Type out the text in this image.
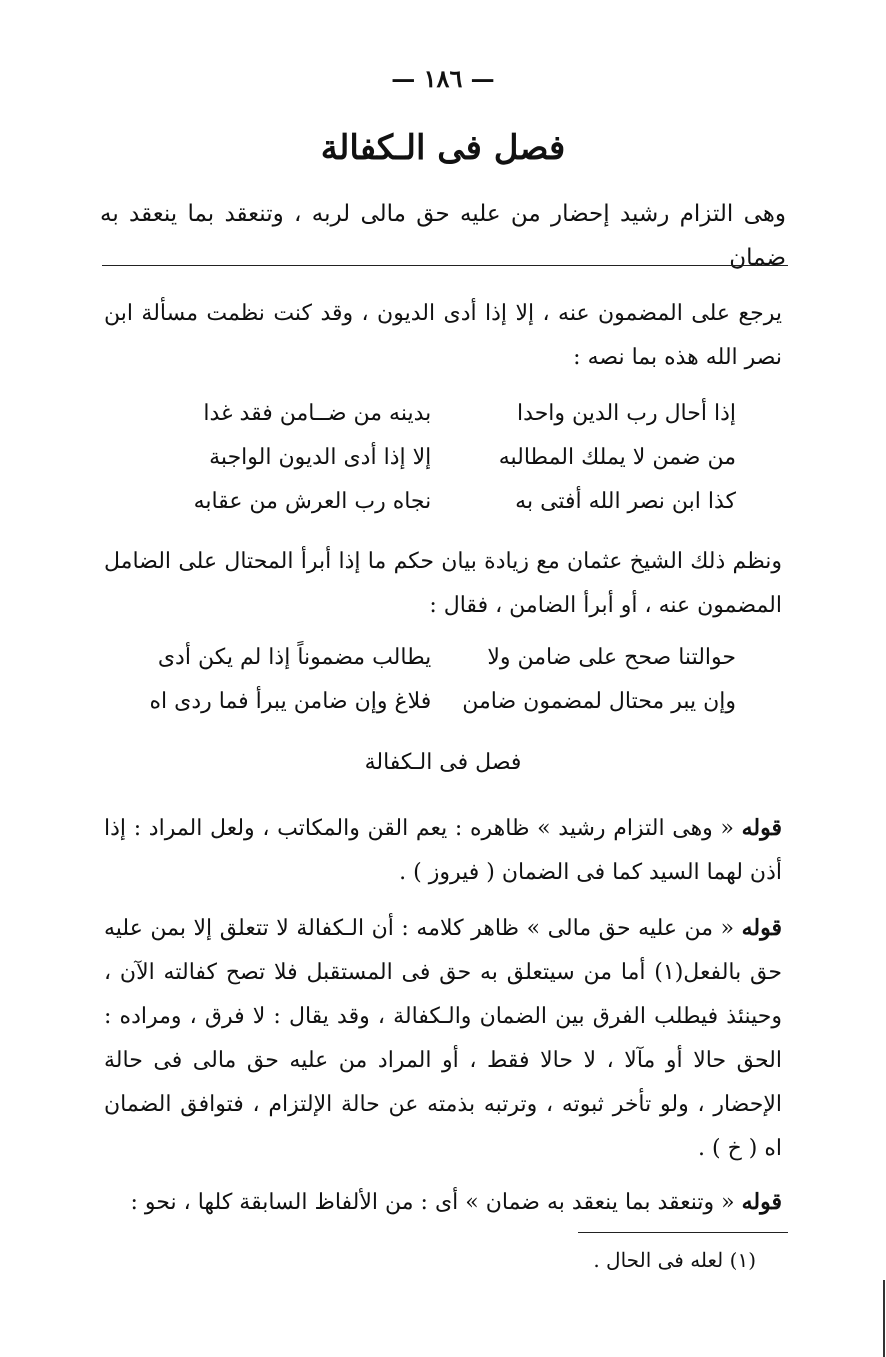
— ١٨٦ —
فصل فى الـكفالة
وهى التزام رشيد إحضار من عليه حق مالى لربه ، وتنعقد بما ينعقد به ضمان
يرجع على المضمون عنه ، إلا إذا أدى الديون ، وقد كنت نظمت مسألة ابن نصر الله هذه بما نصه :
إذا أحال رب الدين واحدا
بدينه من ضــامن فقد غدا
من ضمن لا يملك المطالبه
إلا إذا أدى الديون الواجبة
كذا ابن نصر الله أفتى به
نجاه رب العرش من عقابه
ونظم ذلك الشيخ عثمان مع زيادة بيان حكم ما إذا أبرأ المحتال على الضامل المضمون عنه ، أو أبرأ الضامن ، فقال :
حوالتنا صحح على ضامن ولا
يطالب مضموناً إذا لم يكن أدى
وإن يبر محتال لمضمون ضامن
فلاغ وإن ضامن يبرأ فما ردى اه
فصل فى الـكفالة
قوله « وهى التزام رشيد » ظاهره : يعم القن والمكاتب ، ولعل المراد : إذا أذن لهما السيد كما فى الضمان ( فيروز ) .
قوله « من عليه حق مالى » ظاهر كلامه : أن الـكفالة لا تتعلق إلا بمن عليه حق بالفعل(١) أما من سيتعلق به حق فى المستقبل فلا تصح كفالته الآن ، وحينئذ فيطلب الفرق بين الضمان والـكفالة ، وقد يقال : لا فرق ، ومراده : الحق حالا أو مآلا ، لا حالا فقط ، أو المراد من عليه حق مالى فى حالة الإحضار ، ولو تأخر ثبوته ، وترتبه بذمته عن حالة الإلتزام ، فتوافق الضمان اه ( خ ) .
قوله « وتنعقد بما ينعقد به ضمان » أى : من الألفاظ السابقة كلها ، نحو :
(١) لعله فى الحال .
